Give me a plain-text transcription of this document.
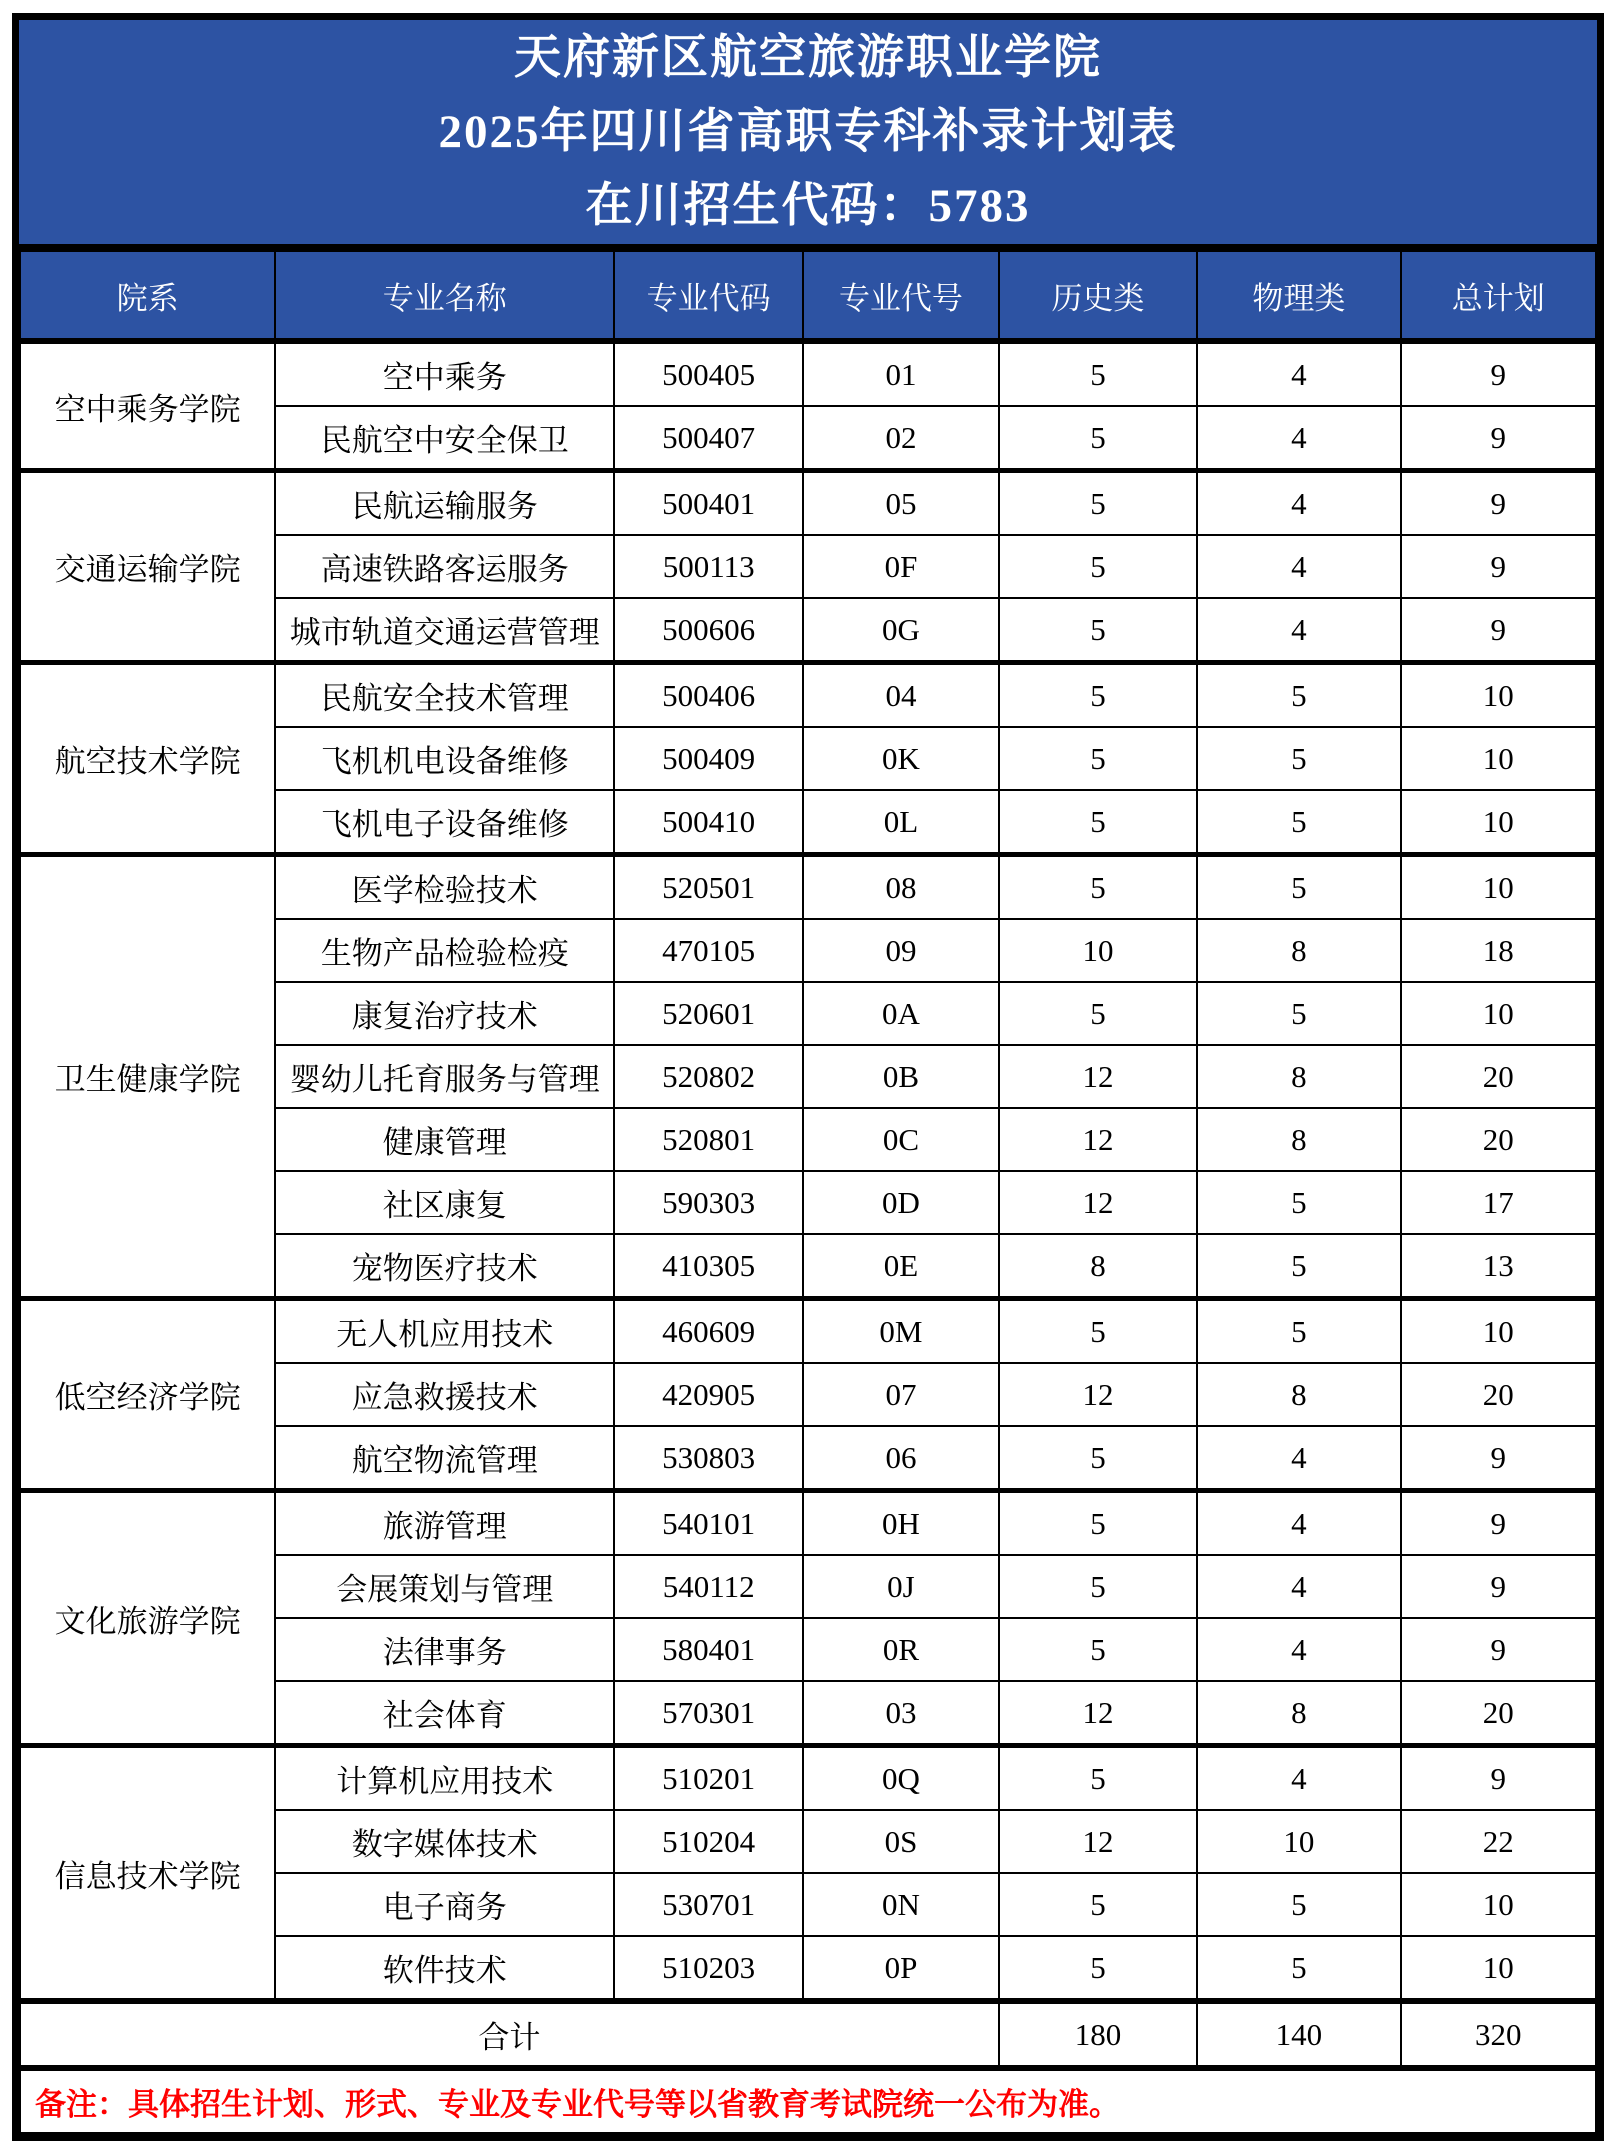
天府新区航空旅游职业学院
2025年四川省高职专科补录计划表
在川招生代码：5783
院系	专业名称	专业代码	专业代号	历史类	物理类	总计划
空中乘务学院	空中乘务	500405	01	5	4	9
	民航空中安全保卫	500407	02	5	4	9
交通运输学院	民航运输服务	500401	05	5	4	9
	高速铁路客运服务	500113	0F	5	4	9
	城市轨道交通运营管理	500606	0G	5	4	9
航空技术学院	民航安全技术管理	500406	04	5	5	10
	飞机机电设备维修	500409	0K	5	5	10
	飞机电子设备维修	500410	0L	5	5	10
卫生健康学院	医学检验技术	520501	08	5	5	10
	生物产品检验检疫	470105	09	10	8	18
	康复治疗技术	520601	0A	5	5	10
	婴幼儿托育服务与管理	520802	0B	12	8	20
	健康管理	520801	0C	12	8	20
	社区康复	590303	0D	12	5	17
	宠物医疗技术	410305	0E	8	5	13
低空经济学院	无人机应用技术	460609	0M	5	5	10
	应急救援技术	420905	07	12	8	20
	航空物流管理	530803	06	5	4	9
文化旅游学院	旅游管理	540101	0H	5	4	9
	会展策划与管理	540112	0J	5	4	9
	法律事务	580401	0R	5	4	9
	社会体育	570301	03	12	8	20
信息技术学院	计算机应用技术	510201	0Q	5	4	9
	数字媒体技术	510204	0S	12	10	22
	电子商务	530701	0N	5	5	10
	软件技术	510203	0P	5	5	10
合计				180	140	320
备注：具体招生计划、形式、专业及专业代号等以省教育考试院统一公布为准。						
